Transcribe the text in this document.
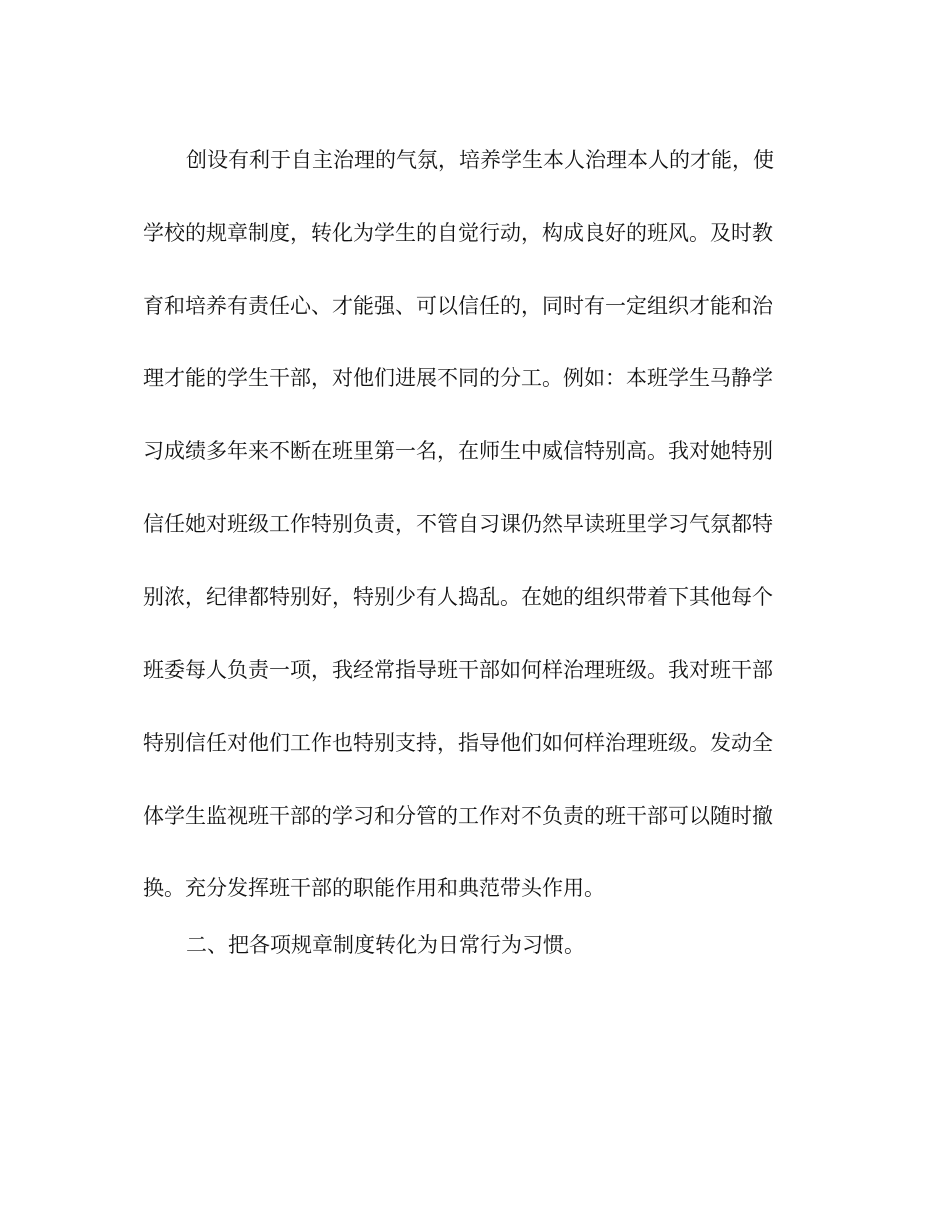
创设有利于自主治理的气氛，培养学生本人治理本人的才能，使

学校的规章制度，转化为学生的自觉行动，构成良好的班风。及时教

育和培养有责任心、才能强、可以信任的，同时有一定组织才能和治

理才能的学生干部，对他们进展不同的分工。例如：本班学生马静学

习成绩多年来不断在班里第一名，在师生中威信特别高。我对她特别

信任她对班级工作特别负责，不管自习课仍然早读班里学习气氛都特

别浓，纪律都特别好，特别少有人捣乱。在她的组织带着下其他每个

班委每人负责一项，我经常指导班干部如何样治理班级。我对班干部

特别信任对他们工作也特别支持，指导他们如何样治理班级。发动全

体学生监视班干部的学习和分管的工作对不负责的班干部可以随时撤

换。充分发挥班干部的职能作用和典范带头作用。

二、把各项规章制度转化为日常行为习惯。
